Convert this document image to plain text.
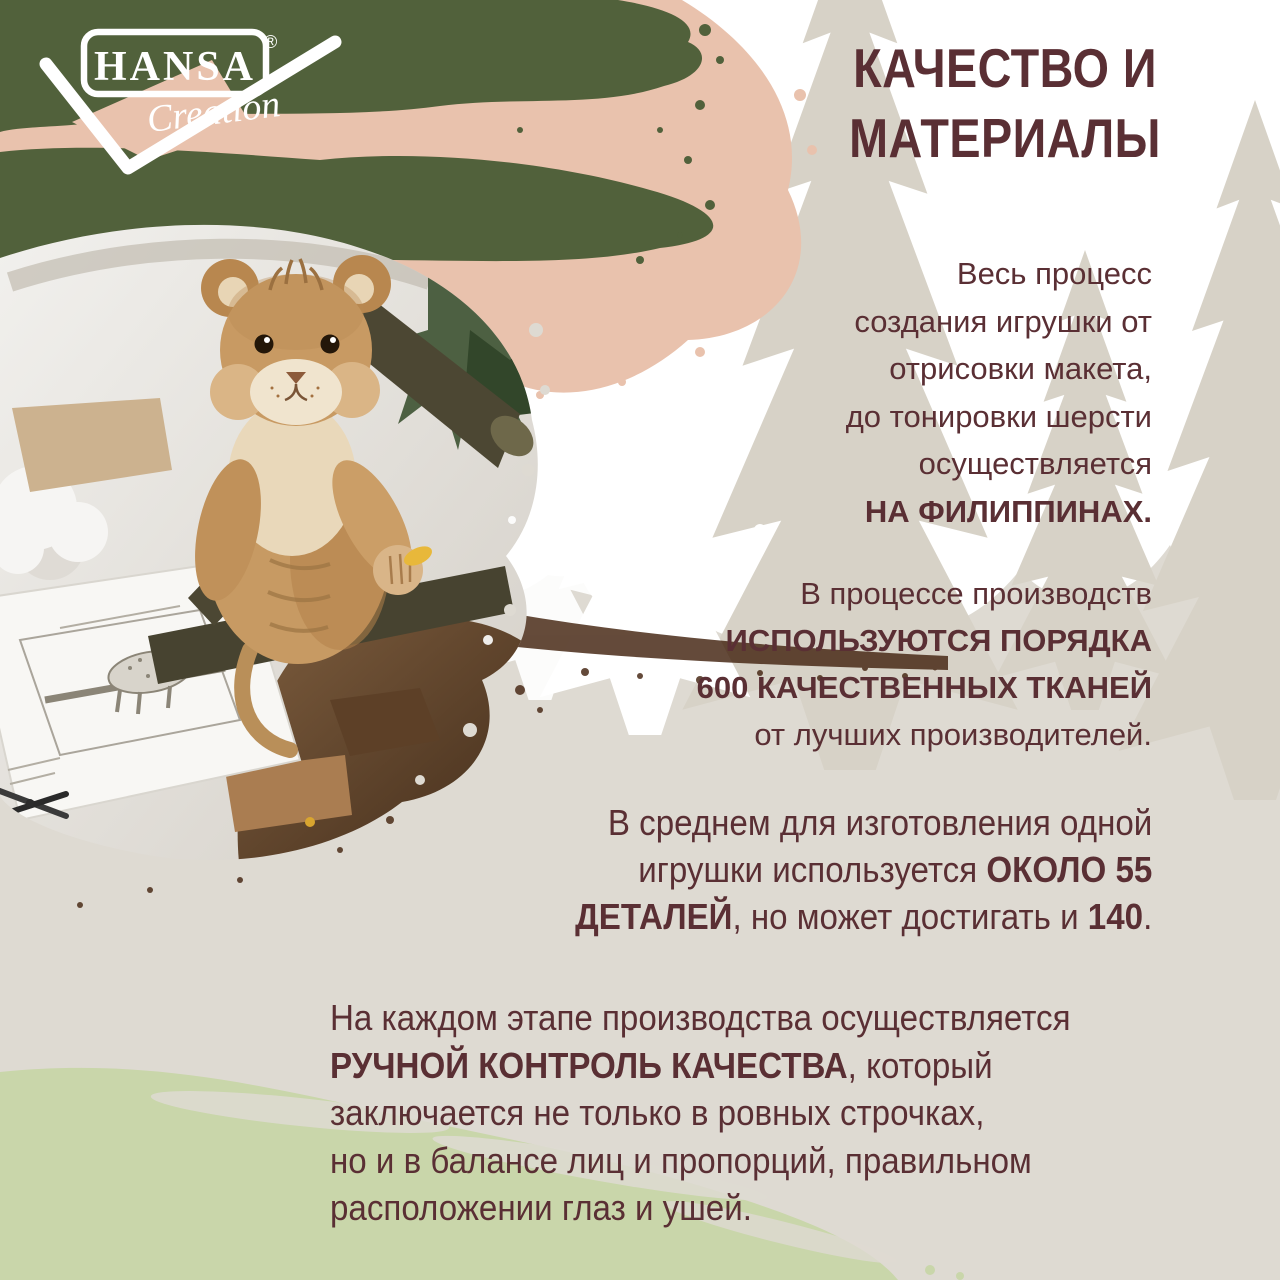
HANSA
®
Creation
КАЧЕСТВО И
МАТЕРИАЛЫ
Весь процесс
создания игрушки от
отрисовки макета,
до тонировки шерсти
осуществляется
НА ФИЛИППИНАХ.
В процессе производств
ИСПОЛЬЗУЮТСЯ ПОРЯДКА
600 КАЧЕСТВЕННЫХ ТКАНЕЙ
от лучших производителей.
В среднем для изготовления одной
игрушки используется ОКОЛО 55
ДЕТАЛЕЙ, но может достигать и 140.
На каждом этапе производства осуществляется
РУЧНОЙ КОНТРОЛЬ КАЧЕСТВА, который
заключается не только в ровных строчках,
но и в балансе лиц и пропорций, правильном
расположении глаз и ушей.
